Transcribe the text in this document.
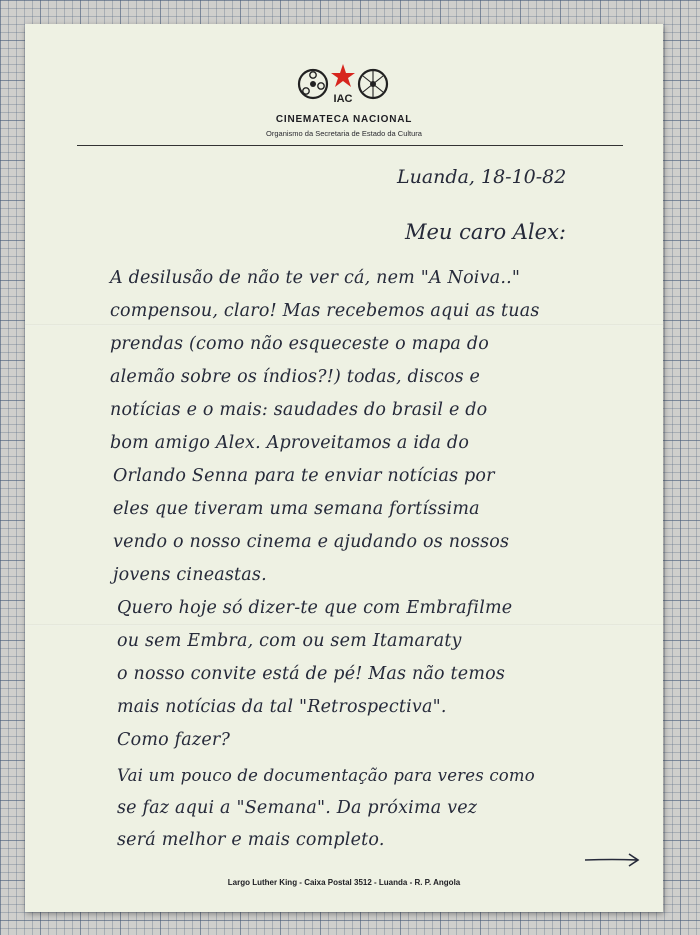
IAC
CINEMATECA NACIONAL
Organismo da Secretaria de Estado da Cultura
Luanda, 18-10-82
Meu caro Alex:
A desilusão de não te ver cá, nem "A Noiva.."
compensou, claro! Mas recebemos aqui as tuas
prendas (como não esqueceste o mapa do
alemão sobre os índios?!) todas, discos e
notícias e o mais: saudades do brasil e do
bom amigo Alex. Aproveitamos a ida do
Orlando Senna para te enviar notícias por
eles que tiveram uma semana fortíssima
vendo o nosso cinema e ajudando os nossos
jovens cineastas.
Quero hoje só dizer-te que com Embrafilme
ou sem Embra, com ou sem Itamaraty
o nosso convite está de pé! Mas não temos
mais notícias da tal "Retrospectiva".
Como fazer?
Vai um pouco de documentação para veres como
se faz aqui a "Semana". Da próxima vez
será melhor e mais completo.
Largo Luther King - Caixa Postal 3512 - Luanda - R. P. Angola
